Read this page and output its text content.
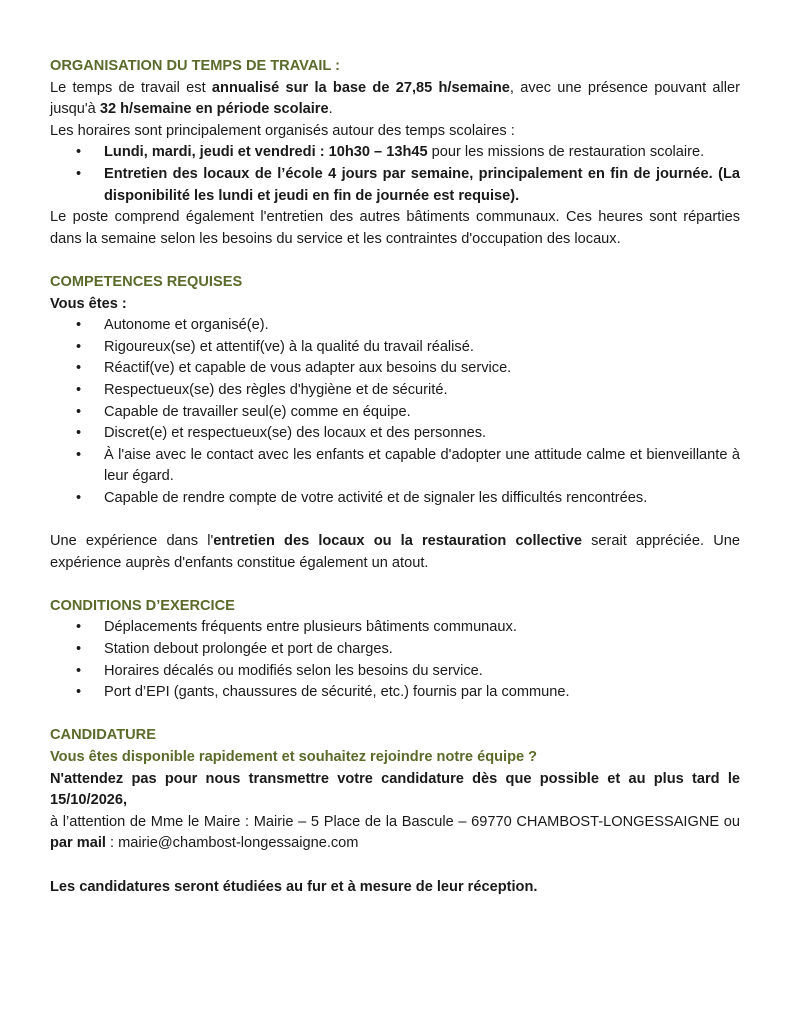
ORGANISATION DU TEMPS DE TRAVAIL :

Le temps de travail est annualisé sur la base de 27,85 h/semaine, avec une présence pouvant aller jusqu'à 32 h/semaine en période scolaire.

Les horaires sont principalement organisés autour des temps scolaires :

• Lundi, mardi, jeudi et vendredi : 10h30 – 13h45 pour les missions de restauration scolaire.
• Entretien des locaux de l’école 4 jours par semaine, principalement en fin de journée. (La disponibilité les lundi et jeudi en fin de journée est requise).

Le poste comprend également l'entretien des autres bâtiments communaux. Ces heures sont réparties dans la semaine selon les besoins du service et les contraintes d'occupation des locaux.

COMPETENCES REQUISES
Vous êtes :
• Autonome et organisé(e).
• Rigoureux(se) et attentif(ve) à la qualité du travail réalisé.
• Réactif(ve) et capable de vous adapter aux besoins du service.
• Respectueux(se) des règles d'hygiène et de sécurité.
• Capable de travailler seul(e) comme en équipe.
• Discret(e) et respectueux(se) des locaux et des personnes.
• À l'aise avec le contact avec les enfants et capable d'adopter une attitude calme et bienveillante à leur égard.
• Capable de rendre compte de votre activité et de signaler les difficultés rencontrées.

Une expérience dans l'entretien des locaux ou la restauration collective serait appréciée. Une expérience auprès d'enfants constitue également un atout.

CONDITIONS D’EXERCICE
• Déplacements fréquents entre plusieurs bâtiments communaux.
• Station debout prolongée et port de charges.
• Horaires décalés ou modifiés selon les besoins du service.
• Port d’EPI (gants, chaussures de sécurité, etc.) fournis par la commune.
CANDIDATURE
Vous êtes disponible rapidement et souhaitez rejoindre notre équipe ?

N'attendez pas pour nous transmettre votre candidature dès que possible et au plus tard le 15/10/2026,

à l’attention de Mme le Maire : Mairie – 5 Place de la Bascule – 69770 CHAMBOST-LONGESSAIGNE ou par mail : mairie@chambost-longessaigne.com

Les candidatures seront étudiées au fur et à mesure de leur réception.
